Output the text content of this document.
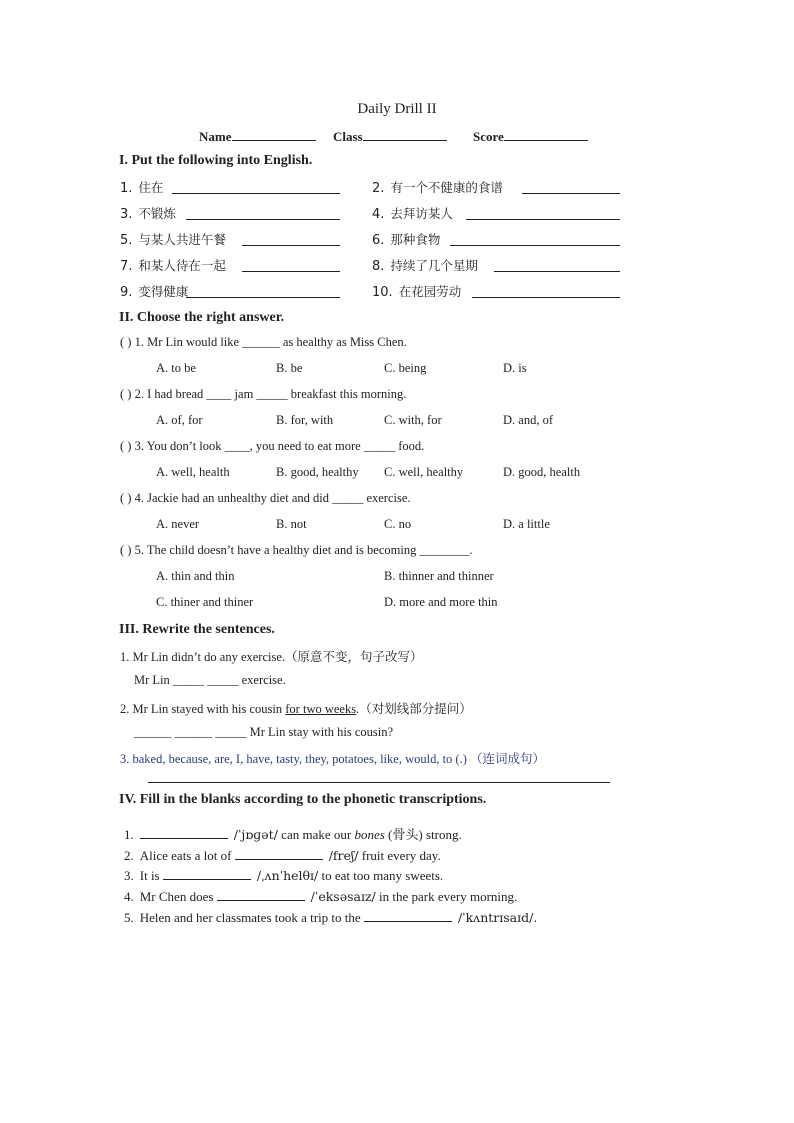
Daily Drill II
Name	Class	Score
I. Put the following into English.
1. 住在	2. 有一个不健康的食谱
3. 不锻炼	4. 去拜访某人
5. 与某人共进午餐	6. 那种食物
7. 和某人待在一起	8. 持续了几个星期
9. 变得健康	10. 在花园劳动
II. Choose the right answer.
( ) 1. Mr Lin would like ______ as healthy as Miss Chen.
A. to be	B. be	C. being	D. is
( ) 2. I had bread ____ jam _____ breakfast this morning.
A. of, for	B. for, with	C. with, for	D. and, of
( ) 3. You don’t look ____, you need to eat more _____ food.
A. well, health	B. good, healthy C. well, healthy	D. good, health
( ) 4. Jackie had an unhealthy diet and did _____ exercise.
A. never	B. not	C. no	D. a little
( ) 5. The child doesn’t have a healthy diet and is becoming ________.
A. thin and thin	B. thinner and thinner
C. thiner and thiner	D. more and more thin
III. Rewrite the sentences.
1. Mr Lin didn’t do any exercise.（原意不变，句子改写）
Mr Lin _____ _____ exercise.
2. Mr Lin stayed with his cousin for two weeks.（对划线部分提问）
______ ______ _____ Mr Lin stay with his cousin?
3. baked, because, are, I, have, tasty, they, potatoes, like, would, to (.) （连词成句）
IV. Fill in the blanks according to the phonetic transcriptions.
1.	/ˈjɒɡət/ can make our bones (骨头) strong.
2. Alice eats a lot of	/freʃ/ fruit every day.
3. It is	/ˌʌnˈhelθɪ/ to eat too many sweets.
4. Mr Chen does	/ˈeksəsaɪz/ in the park every morning.
5. Helen and her classmates took a trip to the	/ˈkʌntrɪsaɪd/.
